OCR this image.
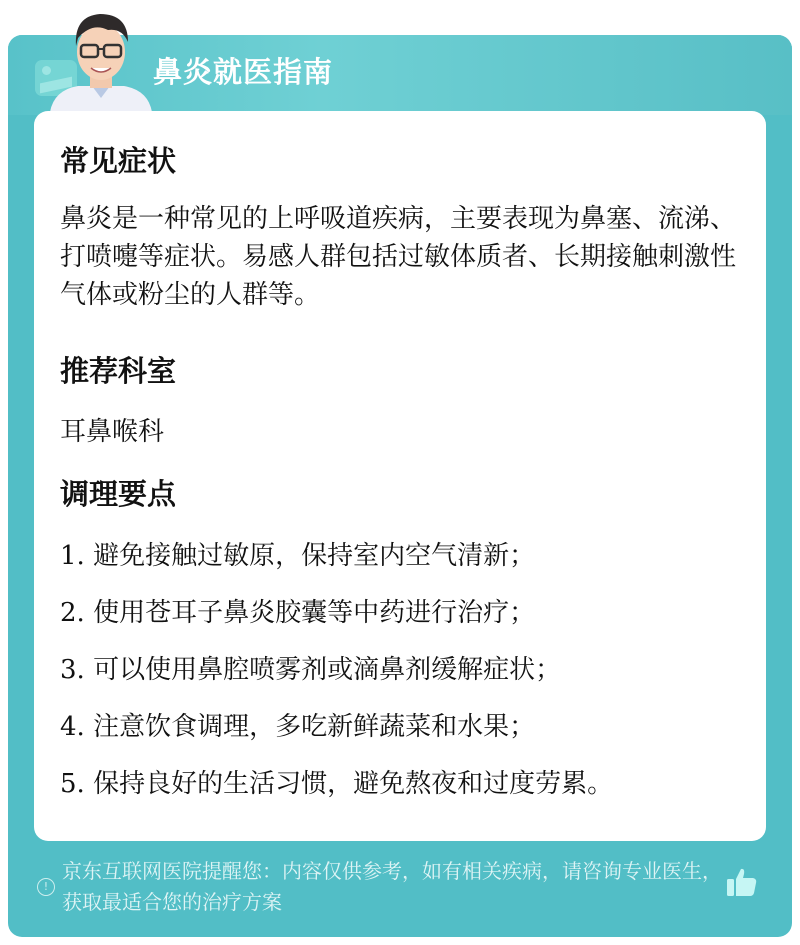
鼻炎就医指南
常见症状
鼻炎是一种常见的上呼吸道疾病，主要表现为鼻塞、流涕、打喷嚏等症状。易感人群包括过敏体质者、长期接触刺激性气体或粉尘的人群等。
推荐科室
耳鼻喉科
调理要点
1. 避免接触过敏原，保持室内空气清新；
2. 使用苍耳子鼻炎胶囊等中药进行治疗；
3. 可以使用鼻腔喷雾剂或滴鼻剂缓解症状；
4. 注意饮食调理，多吃新鲜蔬菜和水果；
5. 保持良好的生活习惯，避免熬夜和过度劳累。
!
京东互联网医院提醒您：内容仅供参考，如有相关疾病，请咨询专业医生，获取最适合您的治疗方案
